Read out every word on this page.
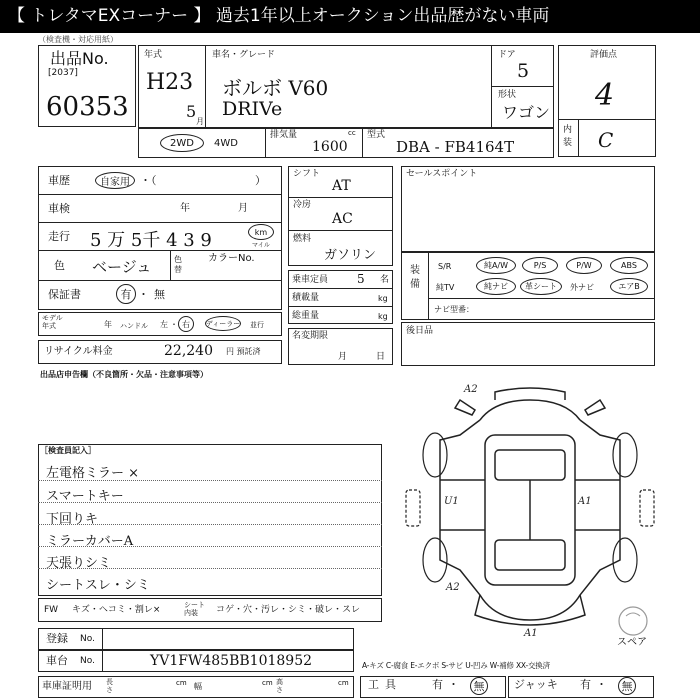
【 トレタマEXコーナー 】 過去1年以上オークション出品歴がない車両
（検査機・対応用紙）
出品No.
[2037]
60353
年式
H23
5
月
車名・グレード
ボルボ V60
DRIVe
ドア
5
形状
ワゴン
2WD	4WD
排気量	cc
1600
型式
DBA - FB4164T
評価点
4
内装 C
車歴	自家用 ・（	）
車検	年	月
走行 5 万 5千 4 3 9	km
マイル
色 ベージュ	色替
カラーNo.
保証書	有 ・ 無
モデル年式	年 ハンドル 左 ・ 右	ディーラー 並行
リサイクル料金	22,240 円 預託済
シフト
AT
冷房
AC
燃料
ガソリン
乗車定員 5 名
積載量	kg
総重量	kg
名変期限
月	日
セールスポイント
装備
S/R	純A/W	P/S	P/W	ABS
純TV	純ナビ	革シート	外ナビ	エアB
ナビ型番：
後日品
出品店申告欄（不良箇所・欠品・注意事項等）
［検査員記入］
左電格ミラー ×
スマートキー
下回りキ
ミラーカバーA
天張りシミ
シートスレ・シミ
FW キズ・ヘコミ・割レ×	シート内装	コゲ・穴・汚レ・シミ・破レ・スレ
登録 No.
車台 No.	YV1FW485BB1018952
車庫証明用 長さ
cm 幅	cm 高さ
cm
A2
U1	A1
A2
A1
スペア
A-キズ C-腐食 E-エクボ S-サビ U-凹み W-補修 XX-交換済
工具	有 ・	無	ジャッキ 有 ・	無
